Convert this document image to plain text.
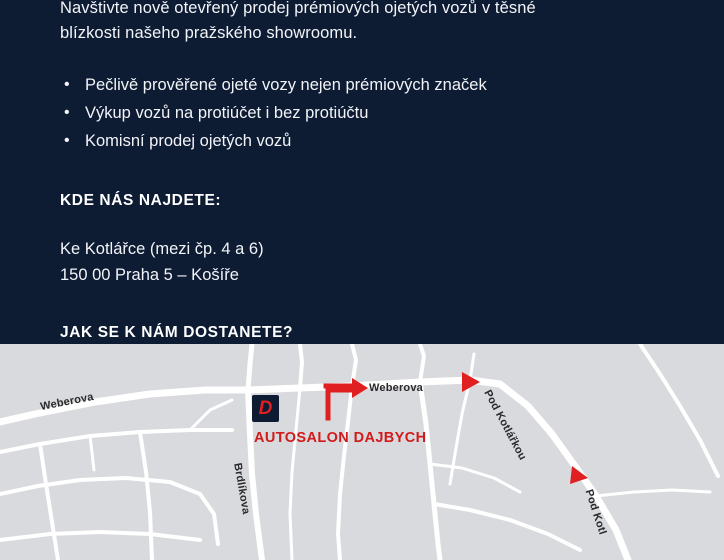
Navštivte nově otevřený prodej prémiových ojetých vozů v těsné
blízkosti našeho pražského showroomu.

• Pečlivě prověřené ojeté vozy nejen prémiových značek
• Výkup vozů na protiúčet i bez protiúčtu
• Komisní prodej ojetých vozů
KDE NÁS NAJDETE:

Ke Kotlářce (mezi čp. 4 a 6)
150 00 Praha 5 – Košíře

JAK SE K NÁM DOSTANETE?
Weberova
Weberova	Pod Kotlářkou
Pod Kotl
Brdlíkova
D
AUTOSALON DAJBYCH
